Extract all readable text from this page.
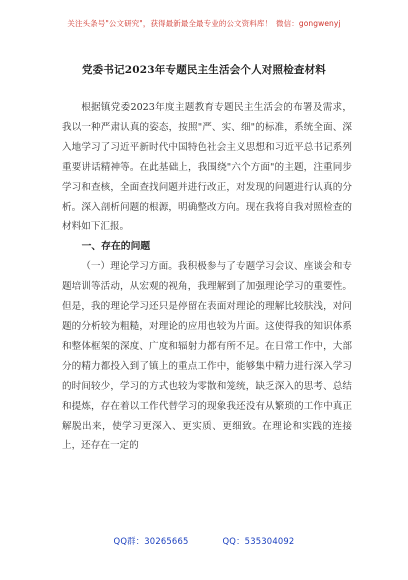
关注头条号"公文研究"，获得最新最全最专业的公文资料库！ 微信：gongwenyj
党委书记2023年专题民主生活会个人对照检查材料

根据镇党委2023年度主题教育专题民主生活会的布署及需求，我以一种严肃认真的姿态，按照"严、实、细"的标准，系统全面、深入地学习了习近平新时代中国特色社会主义思想和习近平总书记系列重要讲话精神等。在此基础上，我围绕"六个方面"的主题，注重同步学习和查核，全面查找问题并进行改正，对发现的问题进行认真的分析。深入剖析问题的根源，明确整改方向。现在我将自我对照检查的材料如下汇报。

一、存在的问题

（一）理论学习方面。我积极参与了专题学习会议、座谈会和专题培训等活动，从宏观的视角，我理解到了加强理论学习的重要性。但是，我的理论学习还只是停留在表面对理论的理解比较肤浅，对问题的分析较为粗糙，对理论的应用也较为片面。这使得我的知识体系和整体框架的深度、广度和辐射力都有所不足。在日常工作中，大部分的精力都投入到了镇上的重点工作中，能够集中精力进行深入学习的时间较少，学习的方式也较为零散和笼统，缺乏深入的思考、总结和提炼，存在着以工作代替学习的现象我还没有从繁琐的工作中真正解脱出来，使学习更深入、更实质、更细致。在理论和实践的连接上，还存在一定的

QQ群：30265665	QQ：535304092
